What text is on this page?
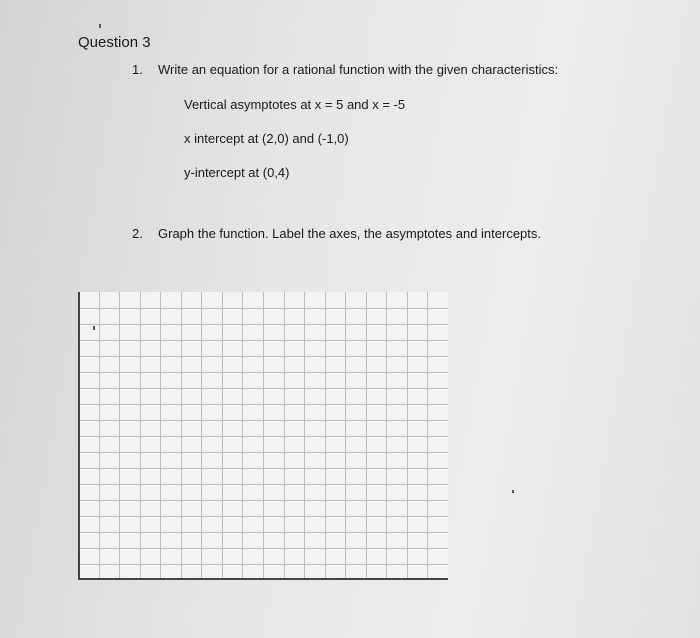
Question 3
1. Write an equation for a rational function with the given characteristics:
Vertical asymptotes at x = 5 and x = -5
x intercept at (2,0) and (-1,0)
y-intercept at (0,4)
2. Graph the function. Label the axes, the asymptotes and intercepts.
